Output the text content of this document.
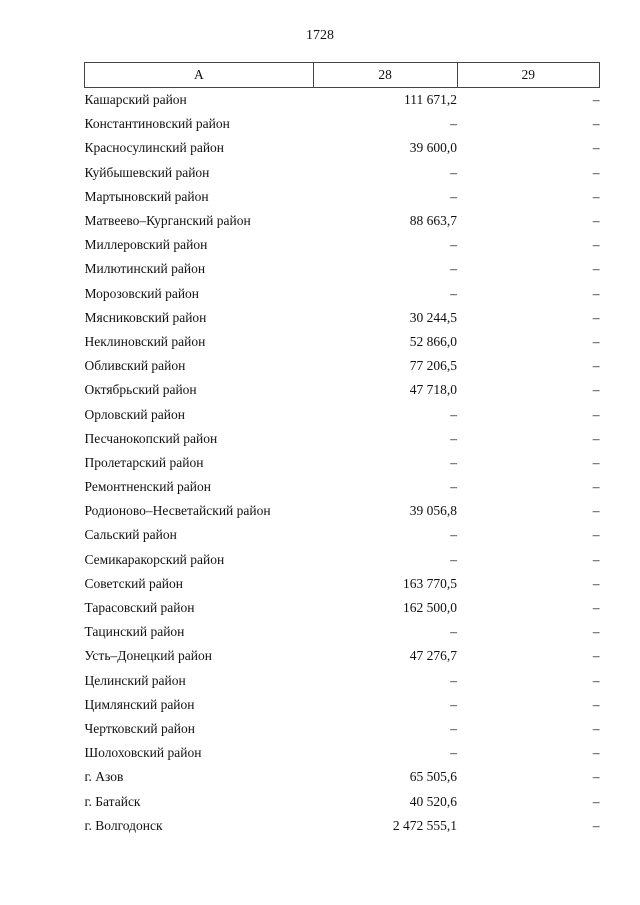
1728
А	28	29
Кашарский район	111 671,2	–
Константиновский район	–	–
Красносулинский район	39 600,0	–
Куйбышевский район	–	–
Мартыновский район	–	–
Матвеево–Курганский район	88 663,7	–
Миллеровский район	–	–
Милютинский район	–	–
Морозовский район	–	–
Мясниковский район	30 244,5	–
Неклиновский район	52 866,0	–
Обливский район	77 206,5	–
Октябрьский район	47 718,0	–
Орловский район	–	–
Песчанокопский район	–	–
Пролетарский район	–	–
Ремонтненский район	–	–
Родионово–Несветайский район	39 056,8	–
Сальский район	–	–
Семикаракорский район	–	–
Советский район	163 770,5	–
Тарасовский район	162 500,0	–
Тацинский район	–	–
Усть–Донецкий район	47 276,7	–
Целинский район	–	–
Цимлянский район	–	–
Чертковский район	–	–
Шолоховский район	–	–
г. Азов	65 505,6	–
г. Батайск	40 520,6	–
г. Волгодонск	2 472 555,1	–
